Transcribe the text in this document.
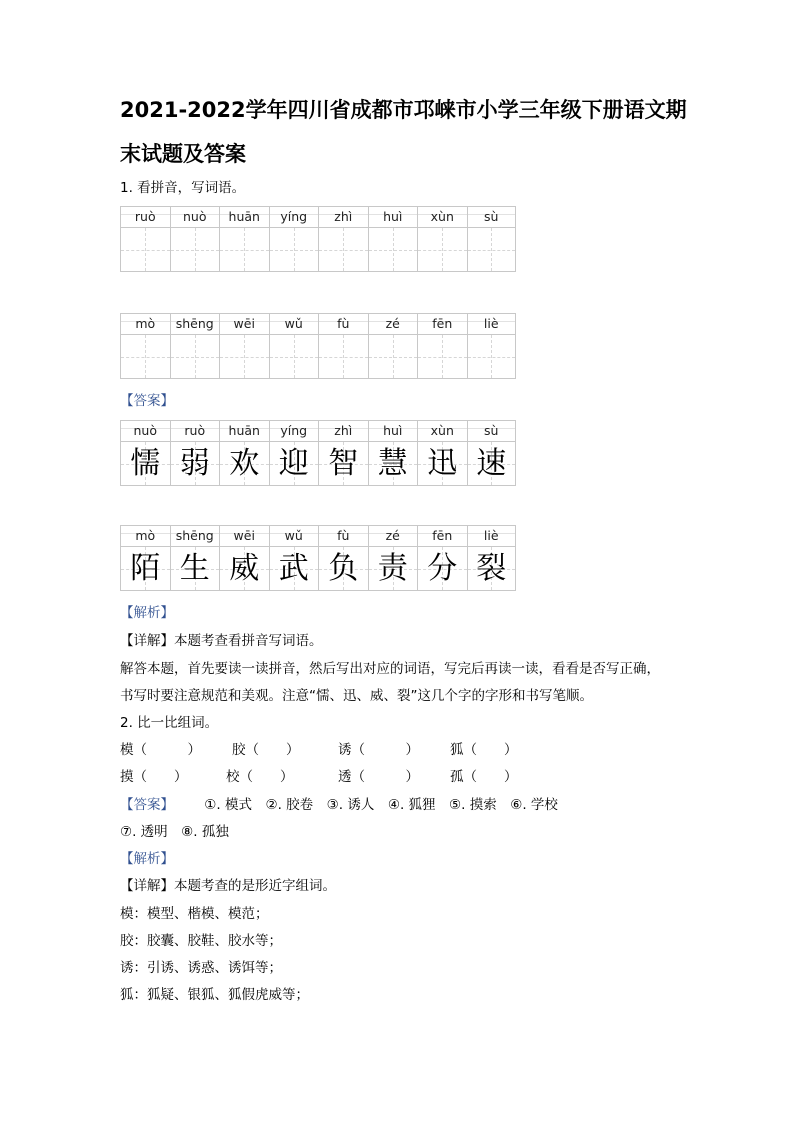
2021-2022学年四川省成都市邛崃市小学三年级下册语文期
末试题及答案
1. 看拼音，写词语。
ruò	nuò	huān	yíng	zhì	huì	xùn	sù
mò	shēng	wēi	wǔ	fù	zé	fēn	liè
【答案】
nuò	ruò	huān	yíng	zhì	huì	xùn	sù
懦 弱 欢 迎 智 慧 迅 速
mò	shēng	wēi	wǔ	fù	zé	fēn	liè
陌 生 威 武 负 责 分 裂
【解析】
【详解】本题考查看拼音写词语。
解答本题，首先要读一读拼音，然后写出对应的词语，写完后再读一读，看看是否写正确，
书写时要注意规范和美观。注意“懦、迅、威、裂”这几个字的字形和书写笔顺。
2. 比一比组词。
模（　　　） 胶（　　）	诱（　　　） 狐（　　）
摸（　　）	校（　　）	透（　　　） 孤（　　）
【答案】 ①. 模式　②. 胶卷　③. 诱人　④. 狐狸　⑤. 摸索　⑥. 学校
⑦. 透明　⑧. 孤独
【解析】
【详解】本题考查的是形近字组词。
模：模型、楷模、模范；
胶：胶囊、胶鞋、胶水等；
诱：引诱、诱惑、诱饵等；
狐：狐疑、银狐、狐假虎威等；
